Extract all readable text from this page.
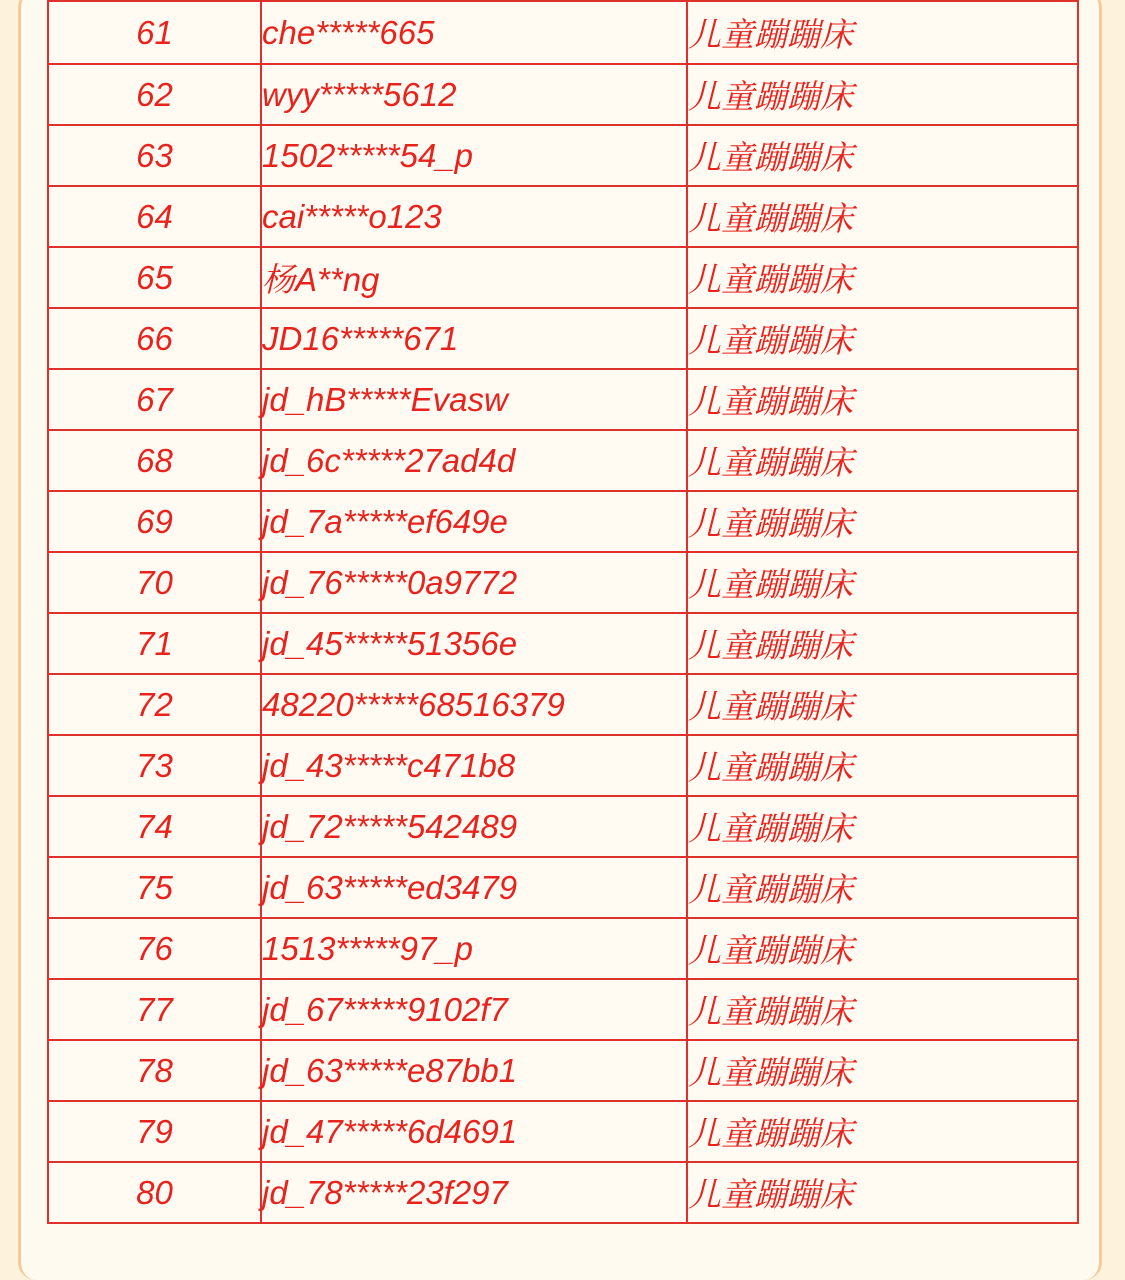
61	che*****665	儿童蹦蹦床
62	wyy*****5612	儿童蹦蹦床
63	1502*****54_p	儿童蹦蹦床
64	cai*****o123	儿童蹦蹦床
65	杨A**ng	儿童蹦蹦床
66	JD16*****671	儿童蹦蹦床
67	jd_hB*****Evasw	儿童蹦蹦床
68	jd_6c*****27ad4d	儿童蹦蹦床
69	jd_7a*****ef649e	儿童蹦蹦床
70	jd_76*****0a9772	儿童蹦蹦床
71	jd_45*****51356e	儿童蹦蹦床
72	48220*****68516379	儿童蹦蹦床
73	jd_43*****c471b8	儿童蹦蹦床
74	jd_72*****542489	儿童蹦蹦床
75	jd_63*****ed3479	儿童蹦蹦床
76	1513*****97_p	儿童蹦蹦床
77	jd_67*****9102f7	儿童蹦蹦床
78	jd_63*****e87bb1	儿童蹦蹦床
79	jd_47*****6d4691	儿童蹦蹦床
80	jd_78*****23f297	儿童蹦蹦床
